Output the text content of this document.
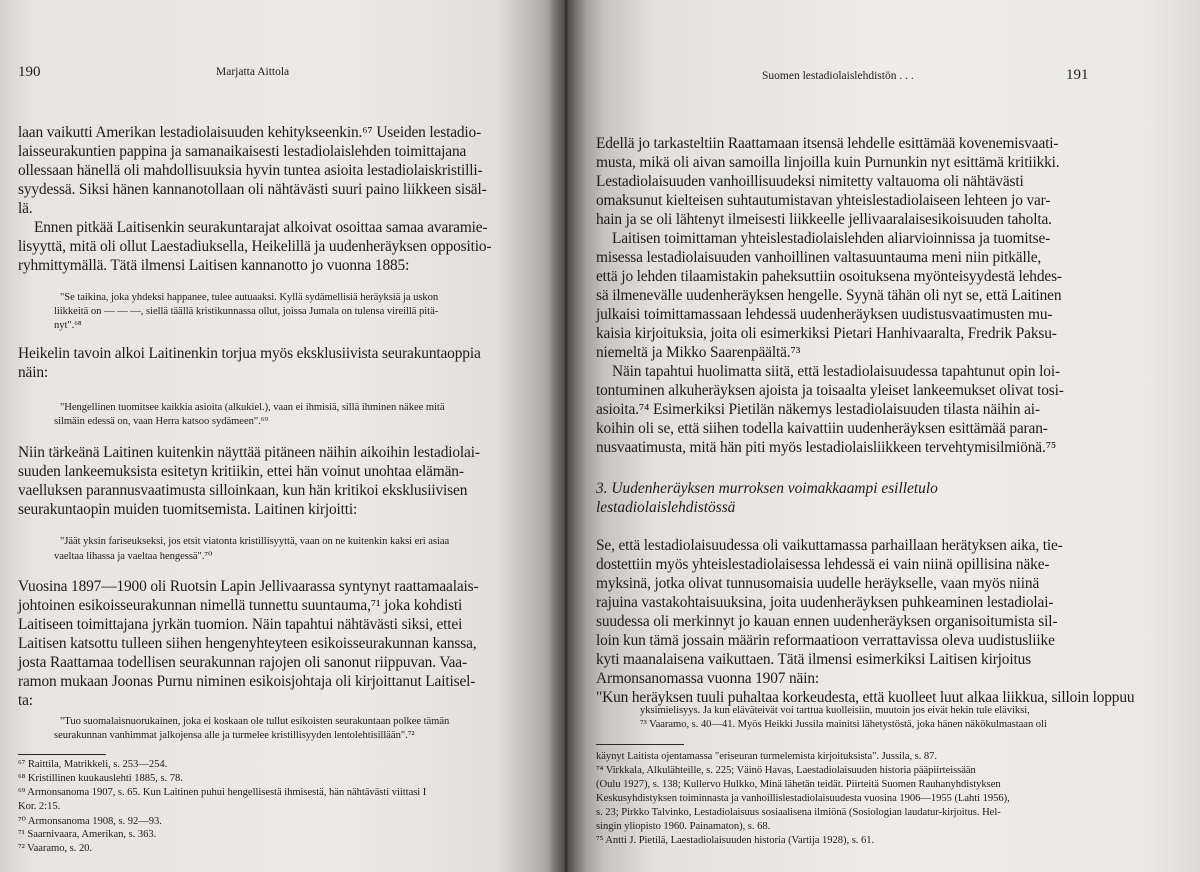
190	Marjatta Aittola
laan vaikutti Amerikan lestadiolaisuuden kehitykseenkin.⁶⁷ Useiden lestadio-
laisseurakuntien pappina ja samanaikaisesti lestadiolaislehden toimittajana
ollessaan hänellä oli mahdollisuuksia hyvin tuntea asioita lestadiolaiskristilli-
syydessä. Siksi hänen kannanotollaan oli nähtävästi suuri paino liikkeen sisäl-
lä.
Ennen pitkää Laitisenkin seurakuntarajat alkoivat osoittaa samaa avaramie-
lisyyttä, mitä oli ollut Laestadiuksella, Heikelillä ja uudenheräyksen oppositio-
ryhmittymällä. Tätä ilmensi Laitisen kannanotto jo vuonna 1885:
"Se taikina, joka yhdeksi happanee, tulee autuaaksi. Kyllä sydämellisiä heräyksiä ja uskon
liikkeitä on — — —, siellä täällä kristikunnassa ollut, joissa Jumala on tulensa vireillä pitä-
nyt".⁶⁸
Heikelin tavoin alkoi Laitinenkin torjua myös eksklusiivista seurakuntaoppia
näin:
"Hengellinen tuomitsee kaikkia asioita (alkukiel.), vaan ei ihmisiä, sillä ihminen näkee mitä
silmäin edessä on, vaan Herra katsoo sydämeen".⁶⁹
Niin tärkeänä Laitinen kuitenkin näyttää pitäneen näihin aikoihin lestadiolai-
suuden lankeemuksista esitetyn kritiikin, ettei hän voinut unohtaa elämän-
vaelluksen parannusvaatimusta silloinkaan, kun hän kritikoi eksklusiivisen
seurakuntaopin muiden tuomitsemista. Laitinen kirjoitti:
"Jäät yksin fariseukseksi, jos etsit viatonta kristillisyyttä, vaan on ne kuitenkin kaksi eri asiaa
vaeltaa lihassa ja vaeltaa hengessä".⁷⁰
Vuosina 1897—1900 oli Ruotsin Lapin Jellivaarassa syntynyt raattamaalais-
johtoinen esikoisseurakunnan nimellä tunnettu suuntauma,⁷¹ joka kohdisti
Laitiseen toimittajana jyrkän tuomion. Näin tapahtui nähtävästi siksi, ettei
Laitisen katsottu tulleen siihen hengenyhteyteen esikoisseurakunnan kanssa,
josta Raattamaa todellisen seurakunnan rajojen oli sanonut riippuvan. Vaa-
ramon mukaan Joonas Purnu niminen esikoisjohtaja oli kirjoittanut Laitisel-
ta:
"Tuo suomalaisnuorukainen, joka ei koskaan ole tullut esikoisten seurakuntaan polkee tämän
seurakunnan vanhimmat jalkojensa alle ja turmelee kristillisyyden lentolehtisillään".⁷²
⁶⁷ Raittila, Matrikkeli, s. 253—254.
⁶⁸ Kristillinen kuukauslehti 1885, s. 78.
⁶⁹ Armonsanoma 1907, s. 65. Kun Laitinen puhui hengellisestä ihmisestä, hän nähtävästi viittasi I
Kor. 2:15.
⁷⁰ Armonsanoma 1908, s. 92—93.
⁷¹ Saarnivaara, Amerikan, s. 363.
⁷² Vaaramo, s. 20.
Suomen lestadiolaislehdistön . . .	191
Edellä jo tarkasteltiin Raattamaan itsensä lehdelle esittämää kovenemisvaati-
musta, mikä oli aivan samoilla linjoilla kuin Purnunkin nyt esittämä kritiikki.
Lestadiolaisuuden vanhoillisuudeksi nimitetty valtauoma oli nähtävästi
omaksunut kielteisen suhtautumistavan yhteislestadiolaiseen lehteen jo var-
hain ja se oli lähtenyt ilmeisesti liikkeelle jellivaaralaisesikoisuuden taholta.
Laitisen toimittaman yhteislestadiolaislehden aliarvioinnissa ja tuomitse-
misessa lestadiolaisuuden vanhoillinen valtasuuntauma meni niin pitkälle,
että jo lehden tilaamistakin paheksuttiin osoituksena myönteisyydestä lehdes-
sä ilmenevälle uudenheräyksen hengelle. Syynä tähän oli nyt se, että Laitinen
julkaisi toimittamassaan lehdessä uudenheräyksen uudistusvaatimusten mu-
kaisia kirjoituksia, joita oli esimerkiksi Pietari Hanhivaaralta, Fredrik Paksu-
niemeltä ja Mikko Saarenpäältä.⁷³
Näin tapahtui huolimatta siitä, että lestadiolaisuudessa tapahtunut opin loi-
tontuminen alkuheräyksen ajoista ja toisaalta yleiset lankeemukset olivat tosi-
asioita.⁷⁴ Esimerkiksi Pietilän näkemys lestadiolaisuuden tilasta näihin ai-
koihin oli se, että siihen todella kaivattiin uudenheräyksen esittämää paran-
nusvaatimusta, mitä hän piti myös lestadiolaisliikkeen tervehtymisilmiönä.⁷⁵
3. Uudenheräyksen murroksen voimakkaampi esilletulo
lestadiolaislehdistössä
Se, että lestadiolaisuudessa oli vaikuttamassa parhaillaan herätyksen aika, tie-
dostettiin myös yhteislestadiolaisessa lehdessä ei vain niinä opillisina näke-
myksinä, jotka olivat tunnusomaisia uudelle heräykselle, vaan myös niinä
rajuina vastakohtaisuuksina, joita uudenheräyksen puhkeaminen lestadiolai-
suudessa oli merkinnyt jo kauan ennen uudenheräyksen organisoitumista sil-
loin kun tämä jossain määrin reformaatioon verrattavissa oleva uudistusliike
kyti maanalaisena vaikuttaen. Tätä ilmensi esimerkiksi Laitisen kirjoitus
Armonsanomassa vuonna 1907 näin:
"Kun heräyksen tuuli puhaltaa korkeudesta, että kuolleet luut alkaa liikkua, silloin loppuu
yksimielisyys. Ja kun eläväteivät voi tarttua kuolleisiin, muutoin jos eivät hekin tule eläviksi,
⁷³ Vaaramo, s. 40—41. Myös Heikki Jussila mainitsi lähetystöstä, joka hänen näkökulmastaan oli
käynyt Laitista ojentamassa "eriseuran turmelemista kirjoituksista". Jussila, s. 87.
⁷⁴ Virkkala, Alkulähteille, s. 225; Väinö Havas, Laestadiolaisuuden historia pääpiirteissään
(Oulu 1927), s. 138; Kullervo Hulkko, Minä lähetän teidät. Piirteitä Suomen Rauhanyhdistyksen
Keskusyhdistyksen toiminnasta ja vanhoillislestadiolaisuudesta vuosina 1906—1955 (Lahti 1956),
s. 23; Pirkko Talvinko, Lestadiolaisuus sosiaalisena ilmiönä (Sosiologian laudatur-kirjoitus. Hel-
singin yliopisto 1960. Painamaton), s. 68.
⁷⁵ Antti J. Pietilä, Laestadiolaisuuden historia (Vartija 1928), s. 61.
